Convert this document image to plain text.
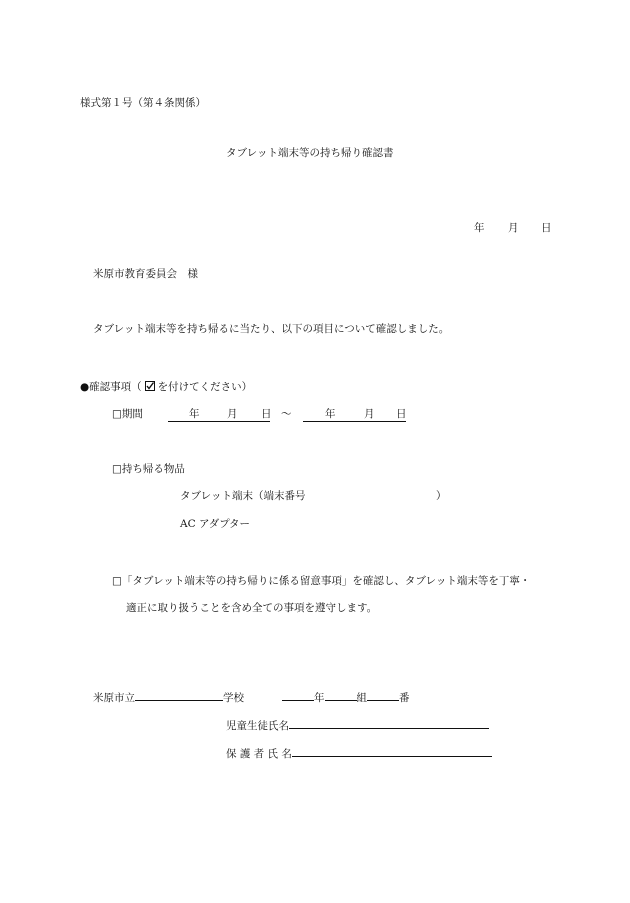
様式第１号（第４条関係）
タブレット端末等の持ち帰り確認書
年 月 日
米原市教育委員会　様
タブレット端末等を持ち帰るに当たり、以下の項目について確認しました。
●確認事項（ を付けてください）
□期間	年	月 日 ～	年	月 日
□持ち帰る物品
タブレット端末（端末番号	）
AC アダプター
□「タブレット端末等の持ち帰りに係る留意事項」を確認し、タブレット端末等を丁寧・
適正に取り扱うことを含め全ての事項を遵守します。
米原市立	学校	年	組	番
児童生徒氏名
保 護 者 氏 名
